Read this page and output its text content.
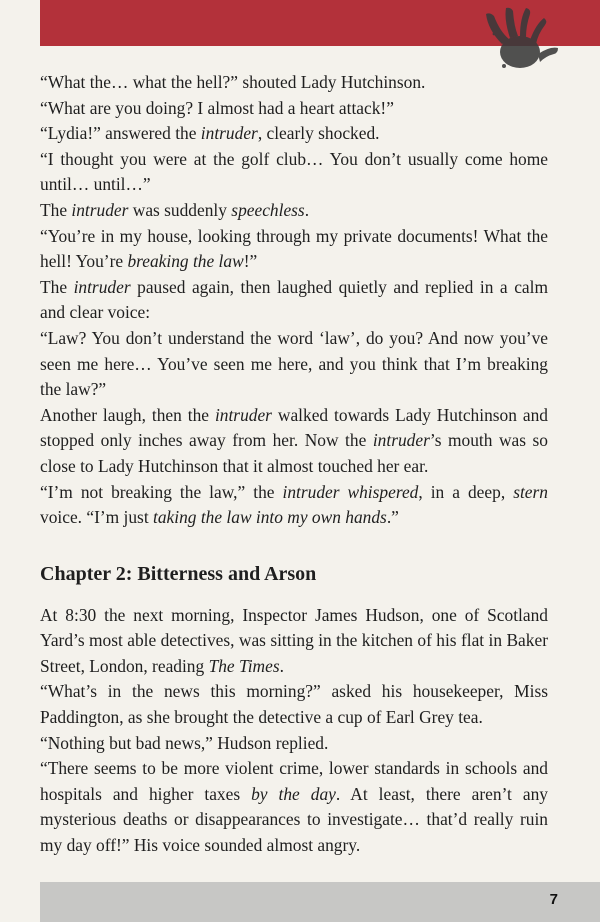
“What the… what the hell?” shouted Lady Hutchinson.

“What are you doing? I almost had a heart attack!”

“Lydia!” answered the intruder, clearly shocked.

“I thought you were at the golf club… You don’t usually come home until… until…”

The intruder was suddenly speechless.

“You’re in my house, looking through my private documents! What the hell! You’re breaking the law!”

The intruder paused again, then laughed quietly and replied in a calm and clear voice:

“Law? You don’t understand the word ‘law’, do you? And now you’ve seen me here… You’ve seen me here, and you think that I’m breaking the law?”

Another laugh, then the intruder walked towards Lady Hutchinson and stopped only inches away from her. Now the intruder’s mouth was so close to Lady Hutchinson that it almost touched her ear.

“I’m not breaking the law,” the intruder whispered, in a deep, stern voice. “I’m just taking the law into my own hands.”

Chapter 2: Bitterness and Arson

At 8:30 the next morning, Inspector James Hudson, one of Scotland Yard’s most able detectives, was sitting in the kitchen of his flat in Baker Street, London, reading The Times.

“What’s in the news this morning?” asked his housekeeper, Miss Paddington, as she brought the detective a cup of Earl Grey tea.

“Nothing but bad news,” Hudson replied.

“There seems to be more violent crime, lower standards in schools and hospitals and higher taxes by the day. At least, there aren’t any mysterious deaths or disappearances to investigate… that’d really ruin my day off!” His voice sounded almost angry.

7
